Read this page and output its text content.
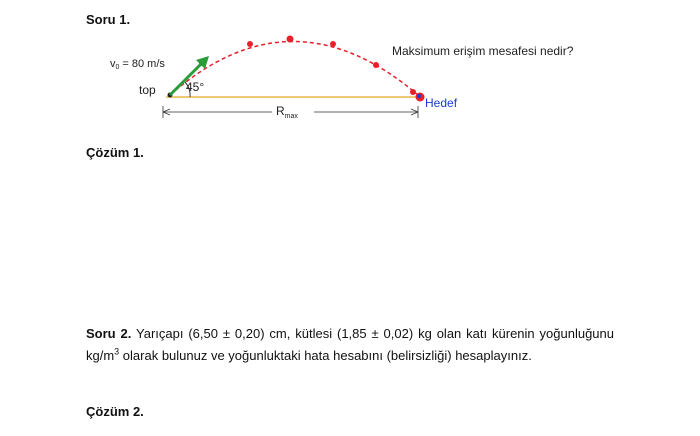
Soru 1.
$R_{max}$
v0 = 80 m/s
top	45°
Maksimum erişim mesafesi nedir?
Hedef
Çözüm 1.
Soru 2. Yarıçapı (6,50 ± 0,20) cm, kütlesi (1,85 ± 0,02) kg olan katı kürenin yoğunluğunu $kg/m^3$ olarak bulunuz ve yoğunluktaki hata hesabını (belirsizliği) hesaplayınız.
Çözüm 2.
